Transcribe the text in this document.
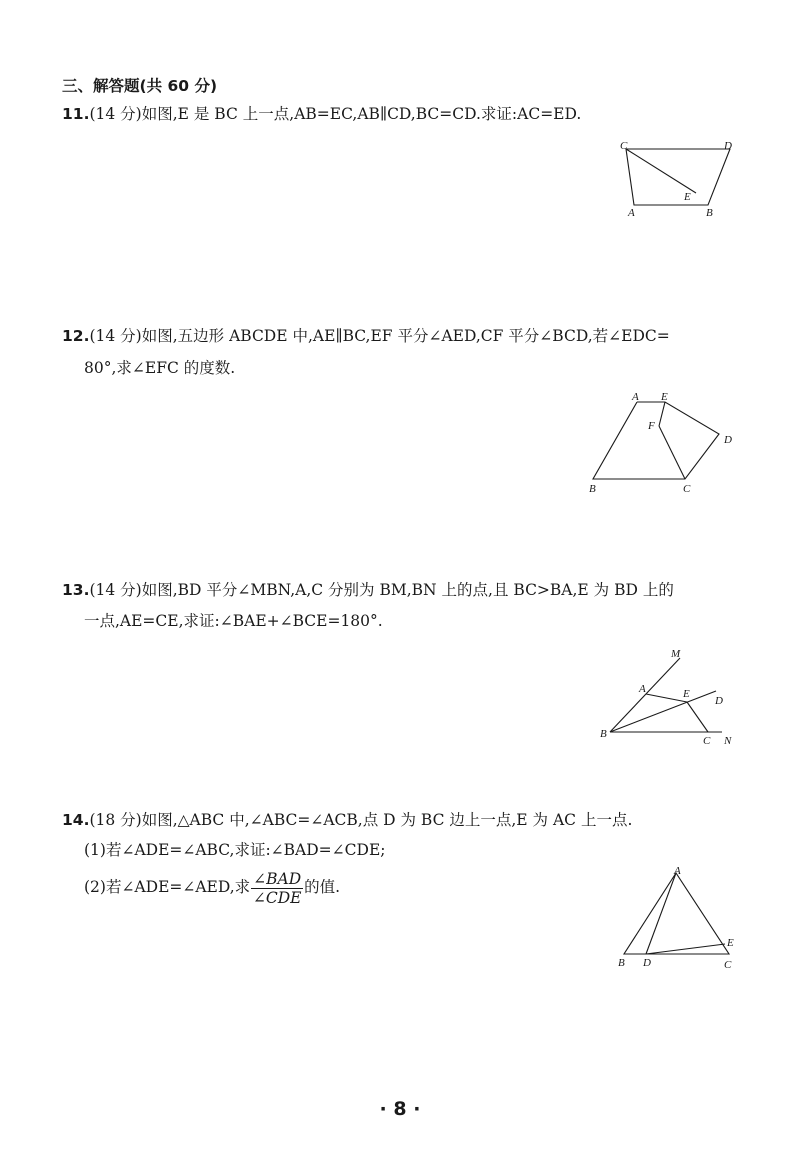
三、解答题(共 60 分)
11.(14 分)如图,E 是 BC 上一点,AB=EC,AB∥CD,BC=CD.求证:AC=ED.
C	D
E
A	B
12.(14 分)如图,五边形 ABCDE 中,AE∥BC,EF 平分∠AED,CF 平分∠BCD,若∠EDC=
80°,求∠EFC 的度数.
A E
F
D
B	C
13.(14 分)如图,BD 平分∠MBN,A,C 分别为 BM,BN 上的点,且 BC>BA,E 为 BD 上的
一点,AE=CE,求证:∠BAE+∠BCE=180°.
M
A	E
D
B
C N
14.(18 分)如图,△ABC 中,∠ABC=∠ACB,点 D 为 BC 边上一点,E 为 AC 上一点.
(1)若∠ADE=∠ABC,求证:∠BAD=∠CDE;
(2)若∠ADE=∠AED,求 $\frac{\text{∠BAD}}{\text{∠CDE}}$ 的值.
A
E
B D	C
· 8 ·
